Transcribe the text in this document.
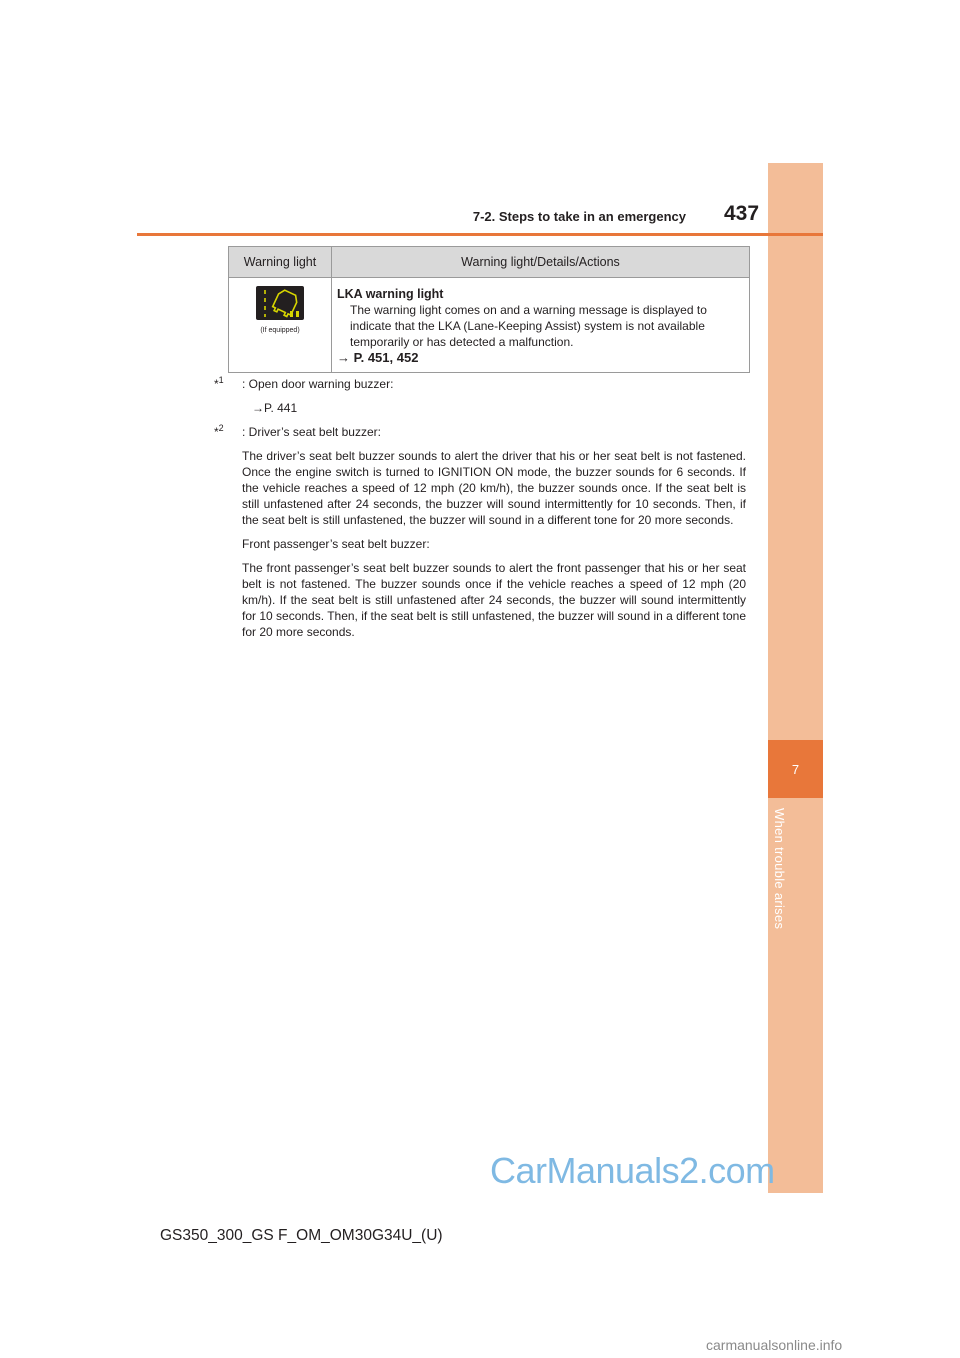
7
When trouble arises
7-2. Steps to take in an emergency 437
Warning light	Warning light/Details/Actions

(If equipped)	LKA warning light
The warning light comes on and a warning message is displayed to indicate that the LKA (Lane-Keeping Assist) system is not available temporarily or has detected a malfunction.
→ P. 451, 452
*$^1$ : Open door warning buzzer:
→P. 441
*$^2$ : Driver’s seat belt buzzer:
The driver’s seat belt buzzer sounds to alert the driver that his or her seat belt is not fastened. Once the engine switch is turned to IGNITION ON mode, the buzzer sounds for 6 seconds. If the vehicle reaches a speed of 12 mph (20 km/h), the buzzer sounds once. If the seat belt is still unfastened after 24 seconds, the buzzer will sound intermittently for 10 seconds. Then, if the seat belt is still unfastened, the buzzer will sound in a different tone for 20 more seconds.
Front passenger’s seat belt buzzer:
The front passenger’s seat belt buzzer sounds to alert the front passenger that his or her seat belt is not fastened. The buzzer sounds once if the vehicle reaches a speed of 12 mph (20 km/h). If the seat belt is still unfastened after 24 seconds, the buzzer will sound intermittently for 10 seconds. Then, if the seat belt is still unfastened, the buzzer will sound in a different tone for 20 more seconds.
CarManuals2.com
GS350_300_GS F_OM_OM30G34U_(U)
carmanualsonline.info
